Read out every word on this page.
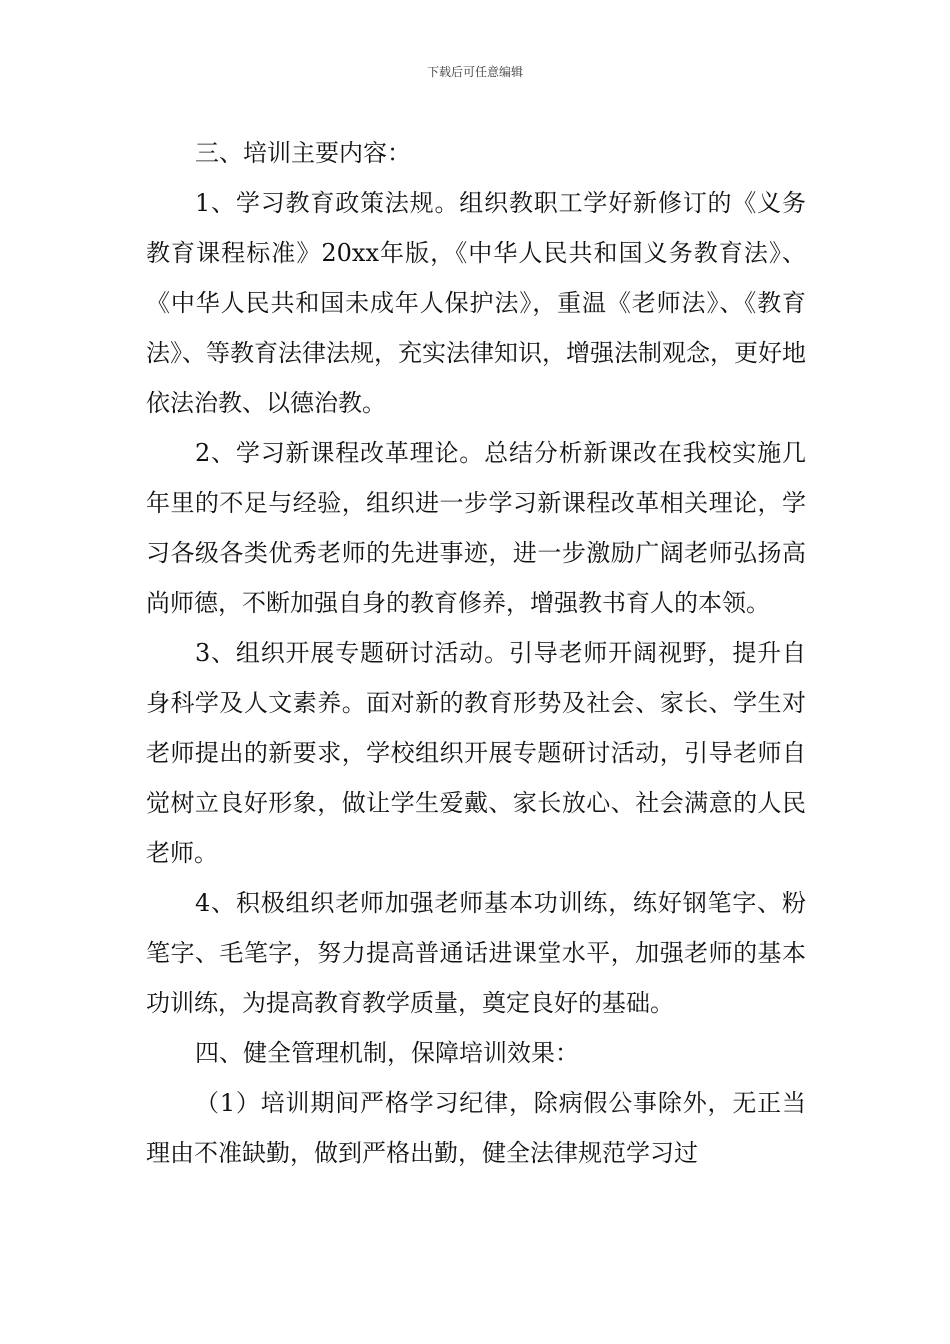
下载后可任意编辑

三、培训主要内容：

1、学习教育政策法规。组织教职工学好新修订的《义务教育课程标准》20xx年版，《中华人民共和国义务教育法》、《中华人民共和国未成年人保护法》，重温《老师法》、《教育法》、等教育法律法规，充实法律知识，增强法制观念，更好地依法治教、以德治教。

2、学习新课程改革理论。总结分析新课改在我校实施几年里的不足与经验，组织进一步学习新课程改革相关理论，学习各级各类优秀老师的先进事迹，进一步激励广阔老师弘扬高尚师德，不断加强自身的教育修养，增强教书育人的本领。

3、组织开展专题研讨活动。引导老师开阔视野，提升自身科学及人文素养。面对新的教育形势及社会、家长、学生对老师提出的新要求，学校组织开展专题研讨活动，引导老师自觉树立良好形象，做让学生爱戴、家长放心、社会满意的人民老师。

4、积极组织老师加强老师基本功训练，练好钢笔字、粉笔字、毛笔字，努力提高普通话进课堂水平，加强老师的基本功训练，为提高教育教学质量，奠定良好的基础。

四、健全管理机制，保障培训效果：

（1）培训期间严格学习纪律，除病假公事除外，无正当理由不准缺勤，做到严格出勤，健全法律规范学习过
